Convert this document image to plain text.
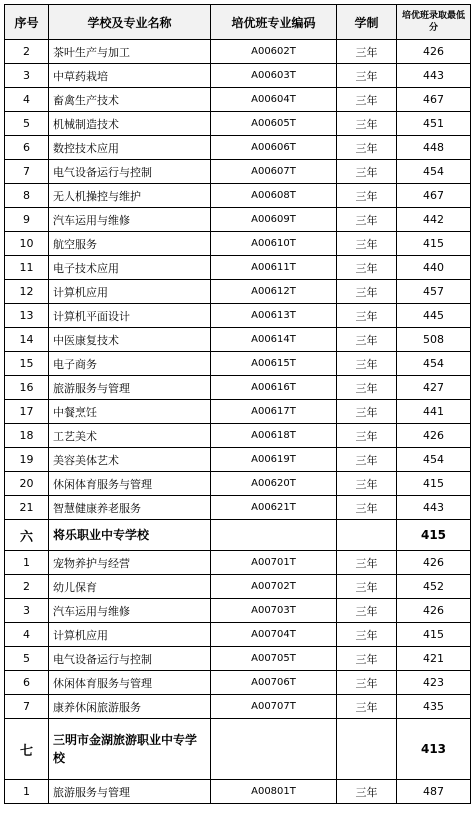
序号	学校及专业名称	培优班专业编码	学制	培优班录取最低分
2	茶叶生产与加工	A00602T	三年	426
3	中草药栽培	A00603T	三年	443
4	畜禽生产技术	A00604T	三年	467
5	机械制造技术	A00605T	三年	451
6	数控技术应用	A00606T	三年	448
7	电气设备运行与控制	A00607T	三年	454
8	无人机操控与维护	A00608T	三年	467
9	汽车运用与维修	A00609T	三年	442
10	航空服务	A00610T	三年	415
11	电子技术应用	A00611T	三年	440
12	计算机应用	A00612T	三年	457
13	计算机平面设计	A00613T	三年	445
14	中医康复技术	A00614T	三年	508
15	电子商务	A00615T	三年	454
16	旅游服务与管理	A00616T	三年	427
17	中餐烹饪	A00617T	三年	441
18	工艺美术	A00618T	三年	426
19	美容美体艺术	A00619T	三年	454
20	休闲体育服务与管理	A00620T	三年	415
21	智慧健康养老服务	A00621T	三年	443
六	将乐职业中专学校			415
1	宠物养护与经营	A00701T	三年	426
2	幼儿保育	A00702T	三年	452
3	汽车运用与维修	A00703T	三年	426
4	计算机应用	A00704T	三年	415
5	电气设备运行与控制	A00705T	三年	421
6	休闲体育服务与管理	A00706T	三年	423
7	康养休闲旅游服务	A00707T	三年	435
七	三明市金湖旅游职业中专学校			413
1	旅游服务与管理	A00801T	三年	487
